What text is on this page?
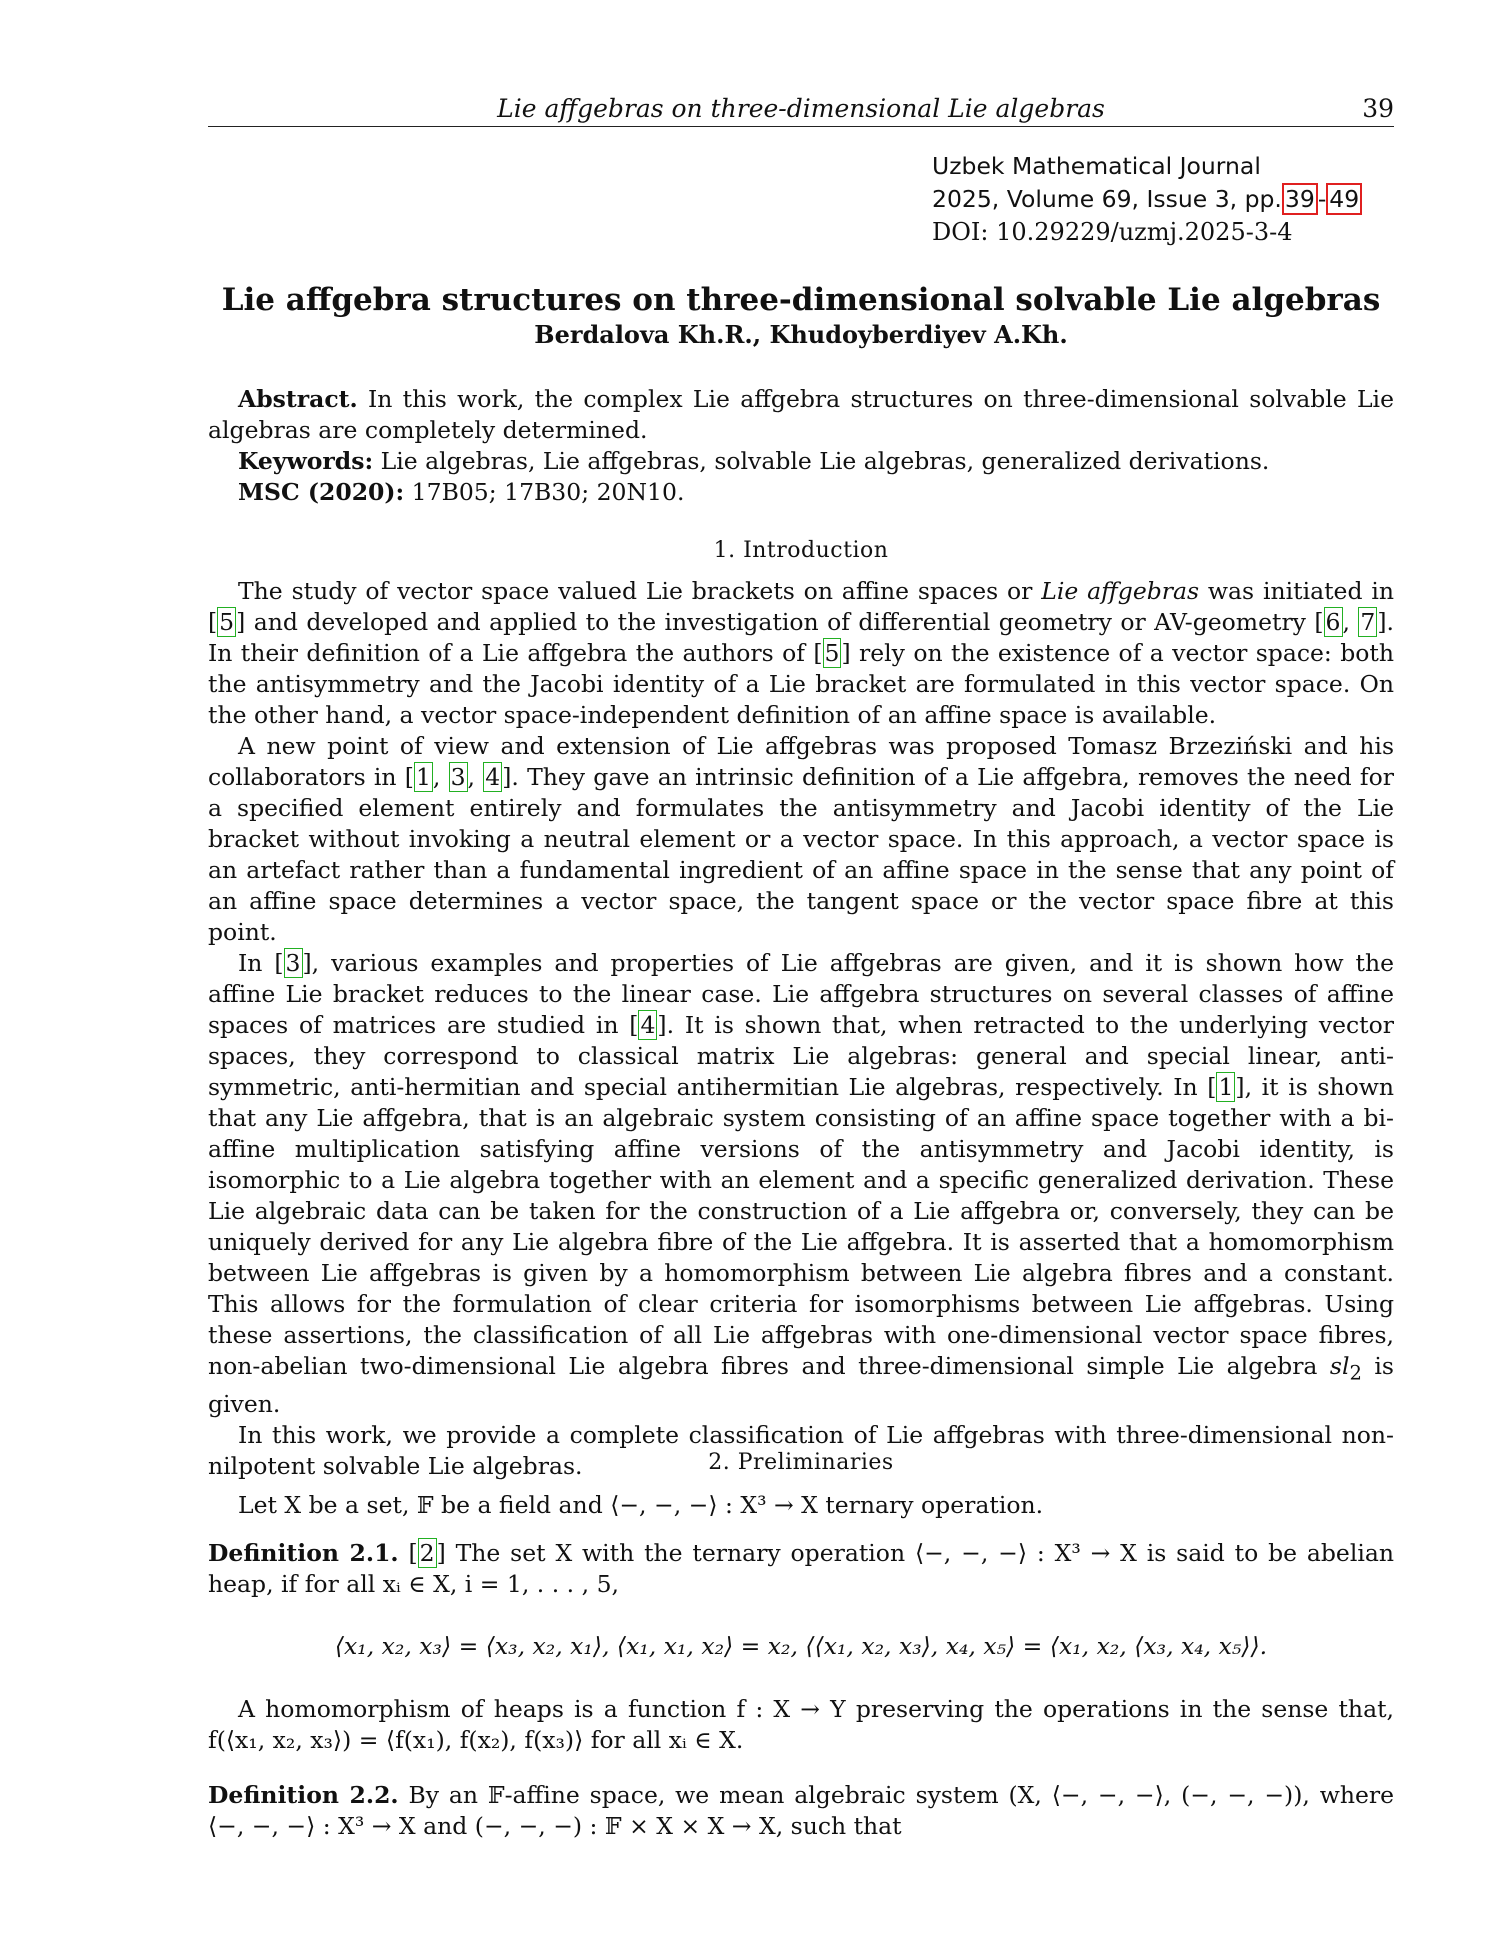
Lie affgebras on three-dimensional Lie algebras	39
Uzbek Mathematical Journal
2025, Volume 69, Issue 3, pp. 39 - 49
DOI: 10.29229/uzmj.2025-3-4
Lie affgebra structures on three-dimensional solvable Lie algebras
Berdalova Kh.R., Khudoyberdiyev A.Kh.

Abstract. In this work, the complex Lie affgebra structures on three-dimensional solvable Lie algebras are completely determined.

Keywords: Lie algebras, Lie affgebras, solvable Lie algebras, generalized derivations.

MSC (2020): 17B05; 17B30; 20N10.

1. Introduction

The study of vector space valued Lie brackets on affine spaces or Lie affgebras was initiated in [5] and developed and applied to the investigation of differential geometry or AV-geometry [6, 7]. In their definition of a Lie affgebra the authors of [5] rely on the existence of a vector space: both the antisymmetry and the Jacobi identity of a Lie bracket are formulated in this vector space. On the other hand, a vector space-independent definition of an affine space is available.

A new point of view and extension of Lie affgebras was proposed Tomasz Brzeziński and his collaborators in [1, 3, 4]. They gave an intrinsic definition of a Lie affgebra, removes the need for a specified element entirely and formulates the antisymmetry and Jacobi identity of the Lie bracket without invoking a neutral element or a vector space. In this approach, a vector space is an artefact rather than a fundamental ingredient of an affine space in the sense that any point of an affine space determines a vector space, the tangent space or the vector space fibre at this point.

In [3], various examples and properties of Lie affgebras are given, and it is shown how the affine Lie bracket reduces to the linear case. Lie affgebra structures on several classes of affine spaces of matrices are studied in [4]. It is shown that, when retracted to the underlying vector spaces, they correspond to classical matrix Lie algebras: general and special linear, anti-symmetric, anti-hermitian and special antihermitian Lie algebras, respectively. In [1], it is shown that any Lie affgebra, that is an algebraic system consisting of an affine space together with a bi-affine multiplication satisfying affine versions of the antisymmetry and Jacobi identity, is isomorphic to a Lie algebra together with an element and a specific generalized derivation. These Lie algebraic data can be taken for the construction of a Lie affgebra or, conversely, they can be uniquely derived for any Lie algebra fibre of the Lie affgebra. It is asserted that a homomorphism between Lie affgebras is given by a homomorphism between Lie algebra fibres and a constant. This allows for the formulation of clear criteria for isomorphisms between Lie affgebras. Using these assertions, the classification of all Lie affgebras with one-dimensional vector space fibres, non-abelian two-dimensional Lie algebra fibres and three-dimensional simple Lie algebra $sl_2$ is given.

In this work, we provide a complete classification of Lie affgebras with three-dimensional non-nilpotent solvable Lie algebras.	2. Preliminaries

Let X be a set, 𝔽 be a field and ⟨−, −, −⟩ : X³ → X ternary operation.

Definition 2.1. [2] The set X with the ternary operation ⟨−, −, −⟩ : X³ → X is said to be abelian heap, if for all xᵢ ∈ X, i = 1, . . . , 5,

⟨x₁, x₂, x₃⟩ = ⟨x₃, x₂, x₁⟩, ⟨x₁, x₁, x₂⟩ = x₂, ⟨⟨x₁, x₂, x₃⟩, x₄, x₅⟩ = ⟨x₁, x₂, ⟨x₃, x₄, x₅⟩⟩.

A homomorphism of heaps is a function f : X → Y preserving the operations in the sense that, f(⟨x₁, x₂, x₃⟩) = ⟨f(x₁), f(x₂), f(x₃)⟩ for all xᵢ ∈ X.

Definition 2.2. By an 𝔽-affine space, we mean algebraic system (X, ⟨−, −, −⟩, (−, −, −)), where ⟨−, −, −⟩ : X³ → X and (−, −, −) : 𝔽 × X × X → X, such that
